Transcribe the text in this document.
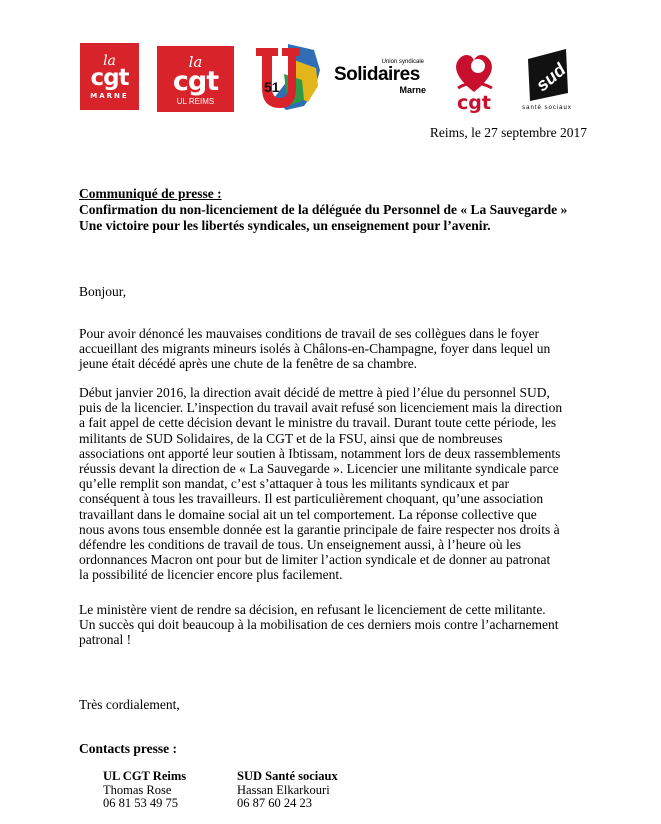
la
cgt
MARNE
la
cgt
UL REIMS
51
Union syndicale
Solidaires
Marne
cgt
sud
santé sociaux
Reims, le 27 septembre 2017
Communiqué de presse :
Confirmation du non-licenciement de la déléguée du Personnel de « La Sauvegarde »
Une victoire pour les libertés syndicales, un enseignement pour l’avenir.
Bonjour,
Pour avoir dénoncé les mauvaises conditions de travail de ses collègues dans le foyer
accueillant des migrants mineurs isolés à Châlons-en-Champagne, foyer dans lequel un
jeune était décédé après une chute de la fenêtre de sa chambre.
Début janvier 2016, la direction avait décidé de mettre à pied l’élue du personnel SUD,
puis de la licencier. L’inspection du travail avait refusé son licenciement mais la direction
a fait appel de cette décision devant le ministre du travail. Durant toute cette période, les
militants de SUD Solidaires, de la CGT et de la FSU, ainsi que de nombreuses
associations ont apporté leur soutien à Ibtissam, notamment lors de deux rassemblements
réussis devant la direction de « La Sauvegarde ». Licencier une militante syndicale parce
qu’elle remplit son mandat, c’est s’attaquer à tous les militants syndicaux et par
conséquent à tous les travailleurs. Il est particulièrement choquant, qu’une association
travaillant dans le domaine social ait un tel comportement. La réponse collective que
nous avons tous ensemble donnée est la garantie principale de faire respecter nos droits à
défendre les conditions de travail de tous. Un enseignement aussi, à l’heure où les
ordonnances Macron ont pour but de limiter l’action syndicale et de donner au patronat
la possibilité de licencier encore plus facilement.
Le ministère vient de rendre sa décision, en refusant le licenciement de cette militante.
Un succès qui doit beaucoup à la mobilisation de ces derniers mois contre l’acharnement
patronal !
Très cordialement,
Contacts presse :
UL CGT Reims
Thomas Rose
06 81 53 49 75
SUD Santé sociaux
Hassan Elkarkouri
06 87 60 24 23
